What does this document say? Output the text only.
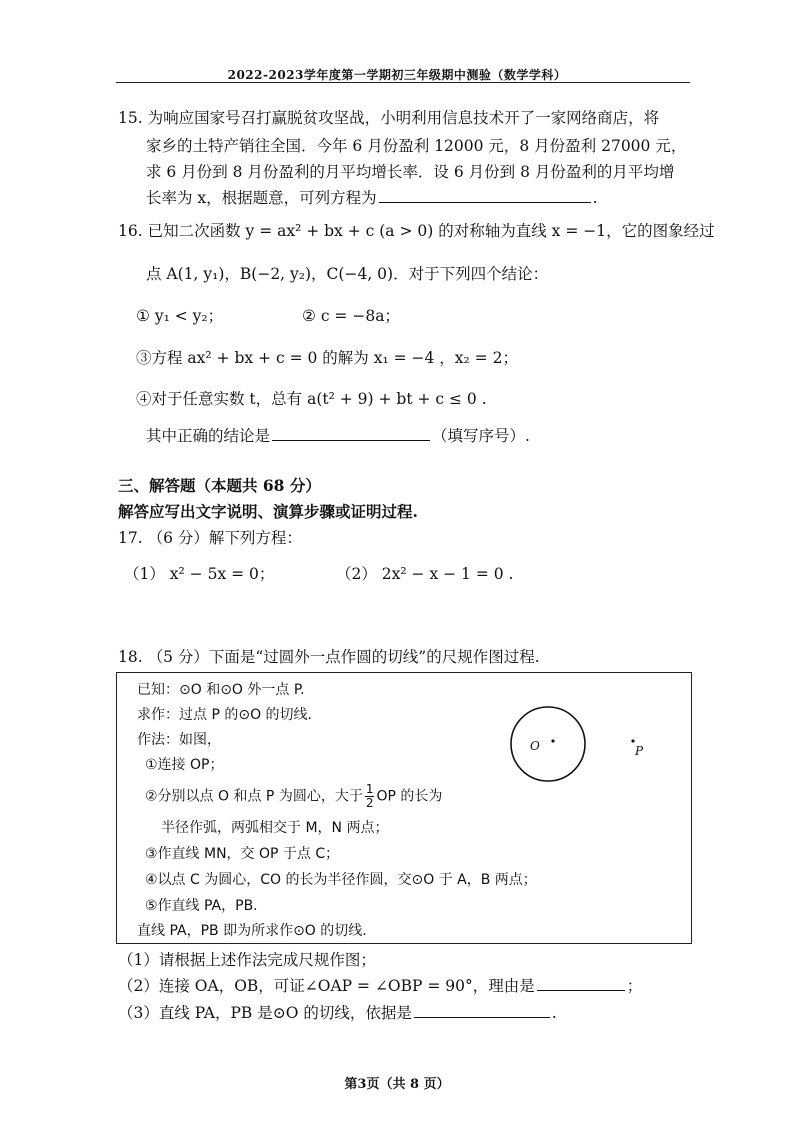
2022-2023学年度第一学期初三年级期中测验（数学学科）
15. 为响应国家号召打赢脱贫攻坚战，小明利用信息技术开了一家网络商店，将
家乡的土特产销往全国．今年 6 月份盈利 12000 元，8 月份盈利 27000 元，
求 6 月份到 8 月份盈利的月平均增长率．设 6 月份到 8 月份盈利的月平均增
长率为 x，根据题意，可列方程为	.
16. 已知二次函数 y = ax² + bx + c (a > 0) 的对称轴为直线 x = −1，它的图象经过
点 A(1, y₁)，B(−2, y₂)，C(−4, 0)．对于下列四个结论：
① y₁ < y₂；	② c = −8a；
③方程 ax² + bx + c = 0 的解为 x₁ = −4 ，x₂ = 2；
④对于任意实数 t，总有 a(t² + 9) + bt + c ≤ 0 .
其中正确的结论是	（填写序号）.
三、解答题（本题共 68 分）
解答应写出文字说明、演算步骤或证明过程.
17. （6 分）解下列方程：
（1） x² − 5x = 0；	（2） 2x² − x − 1 = 0 .
18. （5 分）下面是“过圆外一点作圆的切线”的尺规作图过程.
已知：⊙O 和⊙O 外一点 P.
求作：过点 P 的⊙O 的切线.
作法：如图，
①连接 OP；
②分别以点 O 和点 P 为圆心，大于 $\frac{1}{2}$ OP 的长为
半径作弧，两弧相交于 M，N 两点；
③作直线 MN，交 OP 于点 C；
④以点 C 为圆心，CO 的长为半径作圆，交⊙O 于 A，B 两点；
⑤作直线 PA，PB.
直线 PA，PB 即为所求作⊙O 的切线.
O	P
（1）请根据上述作法完成尺规作图；
（2）连接 OA，OB，可证∠OAP = ∠OBP = 90°，理由是	；
（3）直线 PA，PB 是⊙O 的切线，依据是	.
第3页（共 8 页）
